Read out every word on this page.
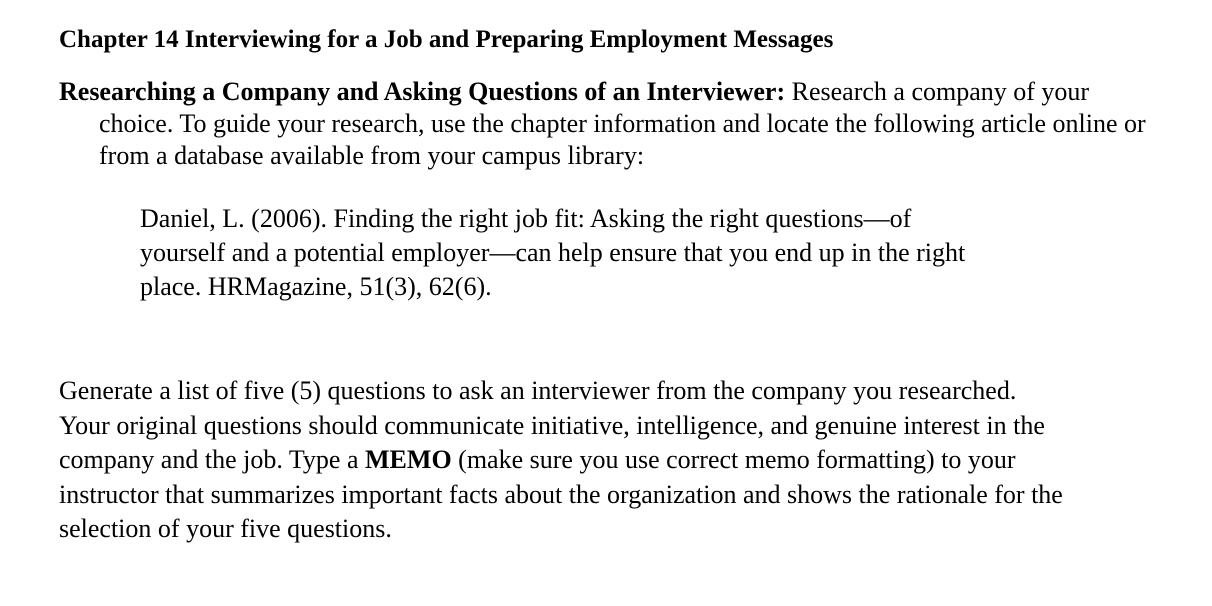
Chapter 14 Interviewing for a Job and Preparing Employment Messages
Researching a Company and Asking Questions of an Interviewer: Research a company of your choice. To guide your research, use the chapter information and locate the following article online or from a database available from your campus library:
Daniel, L. (2006). Finding the right job fit: Asking the right questions—of
yourself and a potential employer—can help ensure that you end up in the right
place. HRMagazine, 51(3), 62(6).
Generate a list of five (5) questions to ask an interviewer from the company you researched.
Your original questions should communicate initiative, intelligence, and genuine interest in the
company and the job. Type a MEMO (make sure you use correct memo formatting) to your
instructor that summarizes important facts about the organization and shows the rationale for the
selection of your five questions.
